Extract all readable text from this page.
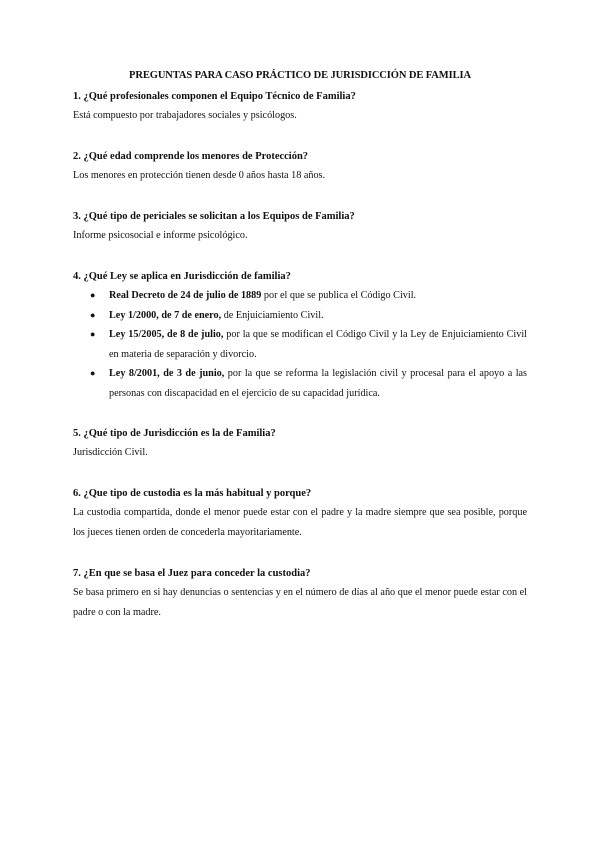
PREGUNTAS PARA CASO PRÁCTICO DE JURISDICCIÓN DE FAMILIA

1. ¿Qué profesionales componen el Equipo Técnico de Familia?

Está compuesto por trabajadores sociales y psicólogos.

2. ¿Qué edad comprende los menores de Protección?

Los menores en protección tienen desde 0 años hasta 18 años.

3. ¿Qué tipo de periciales se solicitan a los Equipos de Familia?

Informe psicosocial e informe psicológico.

4. ¿Qué Ley se aplica en Jurisdicción de familia?

● Real Decreto de 24 de julio de 1889 por el que se publica el Código Civil.
● Ley 1/2000, de 7 de enero, de Enjuiciamiento Civil.
● Ley 15/2005, de 8 de julio, por la que se modifican el Código Civil y la Ley de Enjuiciamiento Civil en materia de separación y divorcio.
● Ley 8/2001, de 3 de junio, por la que se reforma la legislación civil y procesal para el apoyo a las personas con discapacidad en el ejercicio de su capacidad jurídica.

5. ¿Qué tipo de Jurisdicción es la de Familia?

Jurisdicción Civil.

6. ¿Que tipo de custodia es la más habitual y porque?

La custodia compartida, donde el menor puede estar con el padre y la madre siempre que sea posible, porque los jueces tienen orden de concederla mayoritariamente.

7. ¿En que se basa el Juez para conceder la custodia?

Se basa primero en si hay denuncias o sentencias y en el número de días al año que el menor puede estar con el padre o con la madre.
